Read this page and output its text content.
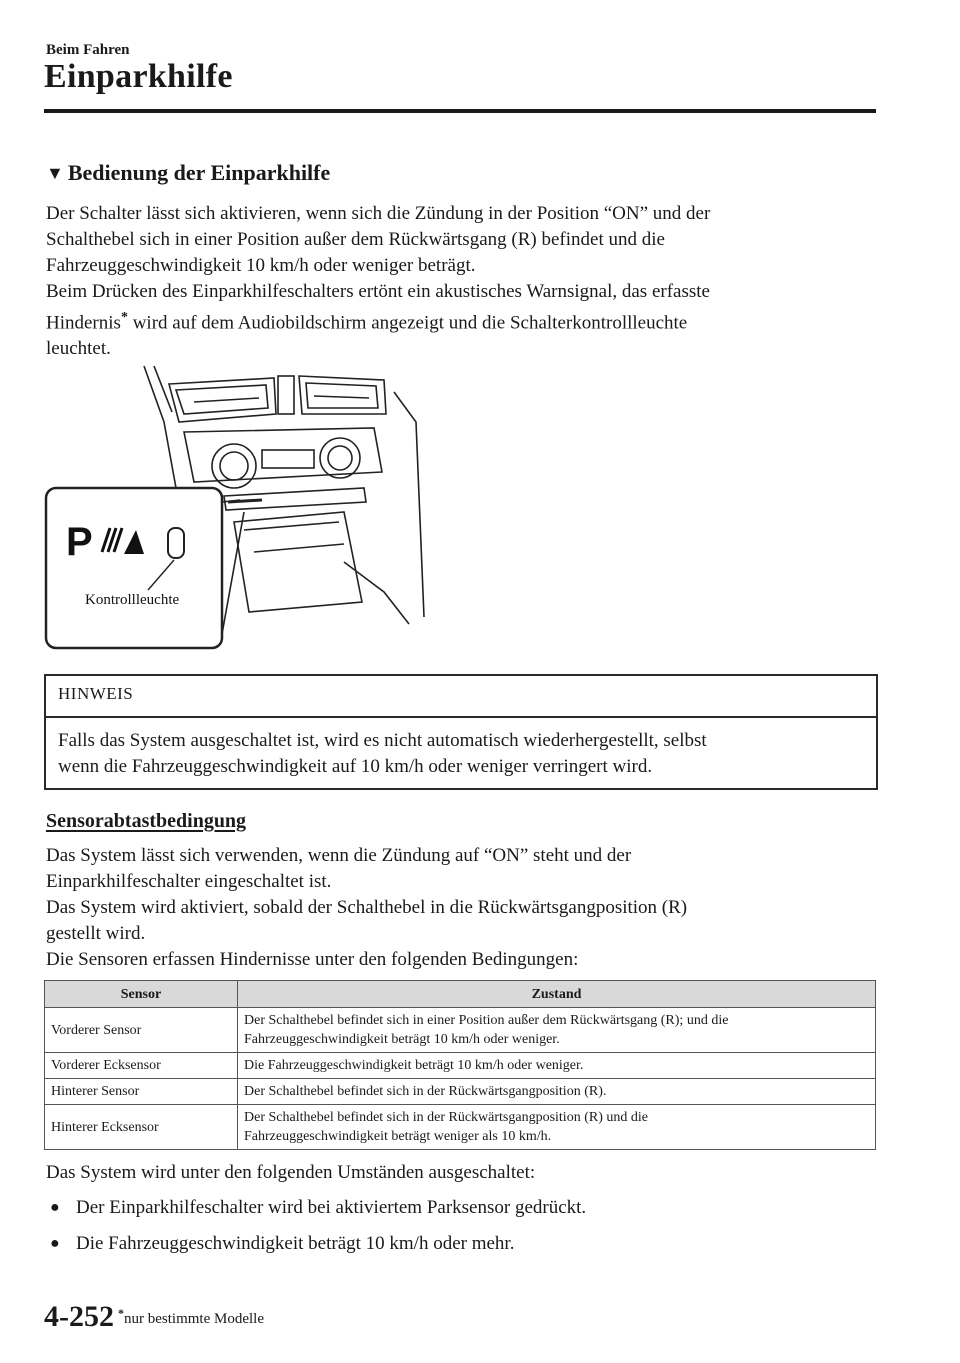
Beim Fahren
Einparkhilfe
▼ Bedienung der Einparkhilfe

Der Schalter lässt sich aktivieren, wenn sich die Zündung in der Position “ON” und der

Schalthebel sich in einer Position außer dem Rückwärtsgang (R) befindet und die

Fahrzeuggeschwindigkeit 10 km/h oder weniger beträgt.

Beim Drücken des Einparkhilfeschalters ertönt ein akustisches Warnsignal, das erfasste

Hindernis* wird auf dem Audiobildschirm angezeigt und die Schalterkontrollleuchte

leuchtet.

P
Kontrollleuchte
HINWEIS
Falls das System ausgeschaltet ist, wird es nicht automatisch wiederhergestellt, selbst
wenn die Fahrzeuggeschwindigkeit auf 10 km/h oder weniger verringert wird.
Sensorabtastbedingung

Das System lässt sich verwenden, wenn die Zündung auf “ON” steht und der

Einparkhilfeschalter eingeschaltet ist.

Das System wird aktiviert, sobald der Schalthebel in die Rückwärtsgangposition (R)

gestellt wird.

Die Sensoren erfassen Hindernisse unter den folgenden Bedingungen:

Sensor	Zustand
Vorderer Sensor	Der Schalthebel befindet sich in einer Position außer dem Rückwärtsgang (R); und die
Fahrzeuggeschwindigkeit beträgt 10 km/h oder weniger.

Vorderer Ecksensor	Die Fahrzeuggeschwindigkeit beträgt 10 km/h oder weniger.

Hinterer Sensor	Der Schalthebel befindet sich in der Rückwärtsgangposition (R).

Hinterer Ecksensor	Der Schalthebel befindet sich in der Rückwärtsgangposition (R) und die
Fahrzeuggeschwindigkeit beträgt weniger als 10 km/h.
Das System wird unter den folgenden Umständen ausgeschaltet:
● Der Einparkhilfeschalter wird bei aktiviertem Parksensor gedrückt.
● Die Fahrzeuggeschwindigkeit beträgt 10 km/h oder mehr.
4-252 *nur bestimmte Modelle
